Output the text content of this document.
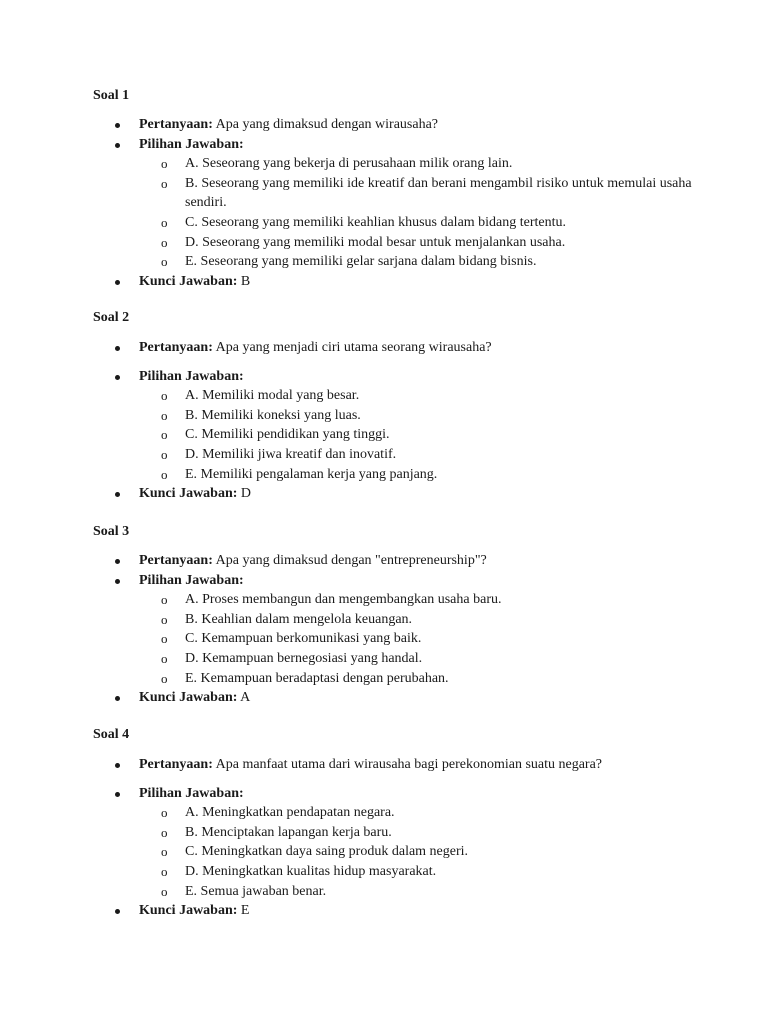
Soal 1
Pertanyaan: Apa yang dimaksud dengan wirausaha?
Pilihan Jawaban:
o A. Seseorang yang bekerja di perusahaan milik orang lain.
o B. Seseorang yang memiliki ide kreatif dan berani mengambil risiko untuk memulai usaha sendiri.
o C. Seseorang yang memiliki keahlian khusus dalam bidang tertentu.
o D. Seseorang yang memiliki modal besar untuk menjalankan usaha.
o E. Seseorang yang memiliki gelar sarjana dalam bidang bisnis.
Kunci Jawaban: B
Soal 2
Pertanyaan: Apa yang menjadi ciri utama seorang wirausaha?
Pilihan Jawaban:
o A. Memiliki modal yang besar.
o B. Memiliki koneksi yang luas.
o C. Memiliki pendidikan yang tinggi.
o D. Memiliki jiwa kreatif dan inovatif.
o E. Memiliki pengalaman kerja yang panjang.
Kunci Jawaban: D
Soal 3
Pertanyaan: Apa yang dimaksud dengan "entrepreneurship"?
Pilihan Jawaban:
o A. Proses membangun dan mengembangkan usaha baru.
o B. Keahlian dalam mengelola keuangan.
o C. Kemampuan berkomunikasi yang baik.
o D. Kemampuan bernegosiasi yang handal.
o E. Kemampuan beradaptasi dengan perubahan.
Kunci Jawaban: A
Soal 4
Pertanyaan: Apa manfaat utama dari wirausaha bagi perekonomian suatu negara?
Pilihan Jawaban:
o A. Meningkatkan pendapatan negara.
o B. Menciptakan lapangan kerja baru.
o C. Meningkatkan daya saing produk dalam negeri.
o D. Meningkatkan kualitas hidup masyarakat.
o E. Semua jawaban benar.
Kunci Jawaban: E
